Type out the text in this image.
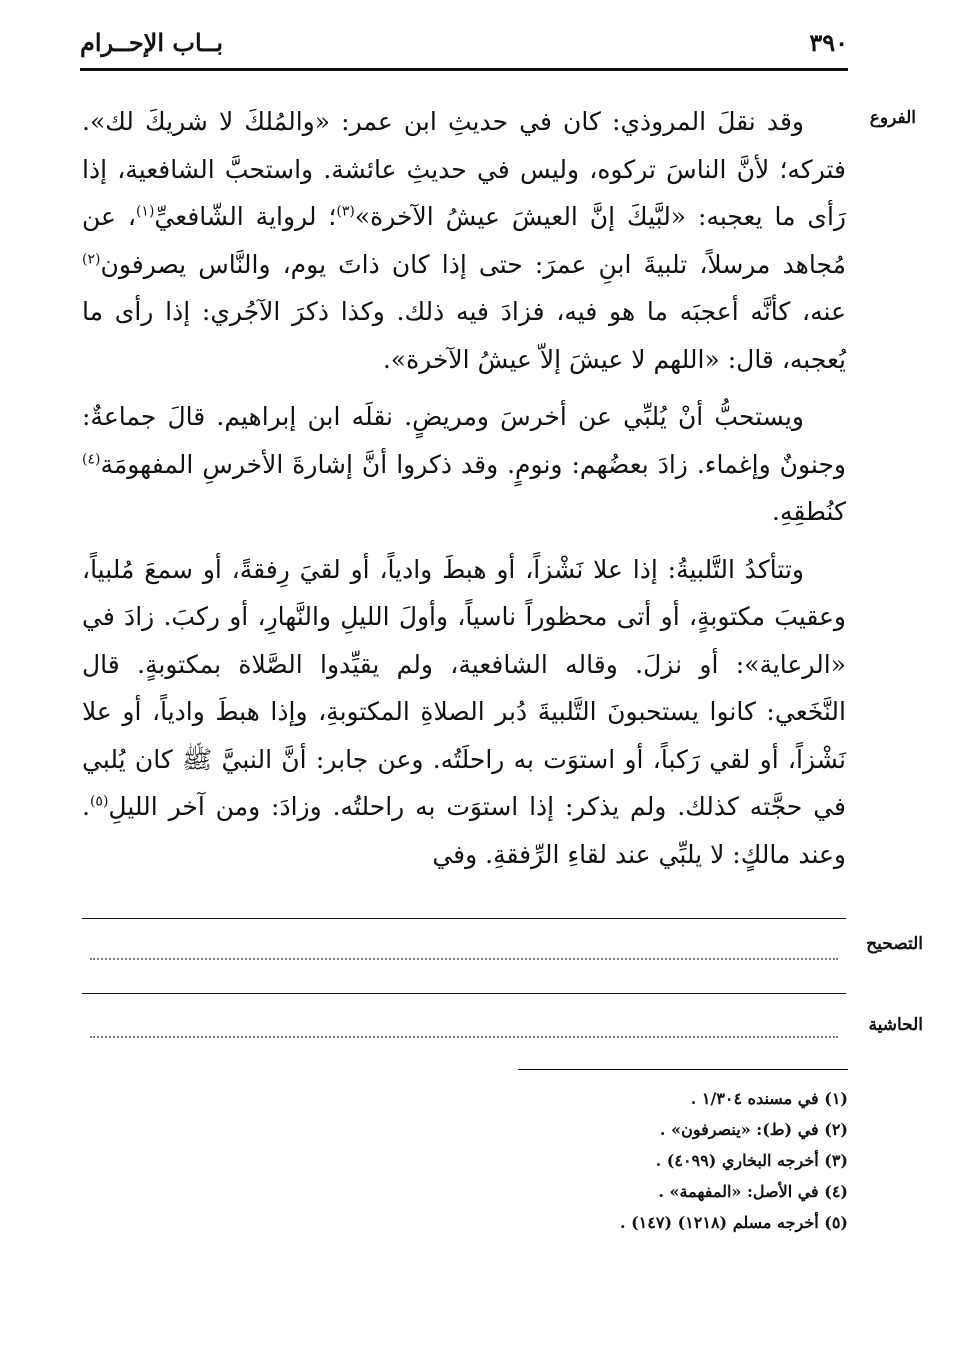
بــاب الإحــرام	٣٩٠
الفروع

وقد نقلَ المروذي: كان في حديثِ ابن عمر: «والمُلكَ لا شريكَ لك». فتركه؛ لأنَّ الناسَ تركوه، وليس في حديثِ عائشة. واستحبَّ الشافعية، إذا رَأى ما يعجبه: «لبَّيكَ إنَّ العيشَ عيشُ الآخرة»$^{(٣)}$؛ لرواية الشّافعيِّ$^{(١)}$، عن مُجاهد مرسلاً، تلبيةَ ابنِ عمرَ: حتى إذا كان ذاتَ يوم، والنَّاس يصرفون$^{(٢)}$ عنه، كأنَّه أعجبَه ما هو فيه، فزادَ فيه ذلك. وكذا ذكرَ الآجُري: إذا رأى ما يُعجبه، قال: «اللهم لا عيشَ إلاّ عيشُ الآخرة».

ويستحبُّ أنْ يُلبِّي عن أخرسَ ومريضٍ. نقلَه ابن إبراهيم. قالَ جماعةٌ: وجنونٌ وإغماء. زادَ بعضُهم: ونومٍ. وقد ذكروا أنَّ إشارةَ الأخرسِ المفهومَة$^{(٤)}$ كنُطقِهِ.

وتتأكدُ التَّلبيةُ: إذا علا نَشْزاً، أو هبطَ وادياً، أو لقيَ رِفقةً، أو سمعَ مُلبياً، وعقيبَ مكتوبةٍ، أو أتى محظوراً ناسياً، وأولَ الليلِ والنَّهارِ، أو ركبَ. زادَ في «الرعاية»: أو نزلَ. وقاله الشافعية، ولم يقيِّدوا الصَّلاة بمكتوبةٍ. قال النَّخَعي: كانوا يستحبونَ التَّلبيةَ دُبر الصلاةِ المكتوبةِ، وإذا هبطَ وادياً، أو علا نَشْزاً، أو لقي رَكباً، أو استوَت به راحلَتُه. وعن جابر: أنَّ النبيَّ ﷺ كان يُلبي في حجَّته كذلك. ولم يذكر: إذا استوَت به راحلتُه. وزادَ: ومن آخر الليلِ$^{(٥)}$. وعند مالكٍ: لا يلبِّي عند لقاءِ الرِّفقةِ. وفي

التصحيح
الحاشية
(١) في مسنده ١/٣٠٤ .
(٢) في (ط): «ينصرفون» .
(٣) أخرجه البخاري (٤٠٩٩) .
(٤) في الأصل: «المفهمة» .
(٥) أخرجه مسلم (١٢١٨) (١٤٧) .
